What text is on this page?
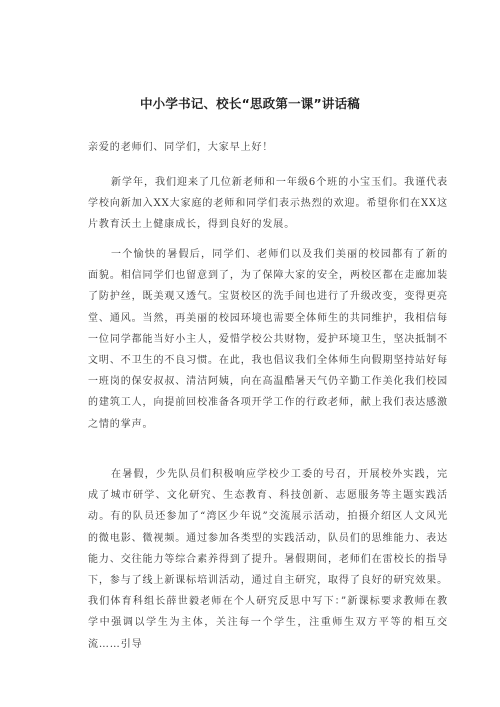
中小学书记、校长“思政第一课”讲话稿

亲爱的老师们、同学们，大家早上好！

新学年，我们迎来了几位新老师和一年级6个班的小宝玉们。我谨代表学校向新加入XX大家庭的老师和同学们表示热烈的欢迎。希望你们在XX这片教育沃土上健康成长，得到良好的发展。

一个愉快的暑假后，同学们、老师们以及我们美丽的校园都有了新的面貌。相信同学们也留意到了，为了保障大家的安全，两校区都在走廊加装了防护丝，既美观又透气。宝贤校区的洗手间也进行了升级改变，变得更亮堂、通风。当然，再美丽的校园环境也需要全体师生的共同维护，我相信每一位同学都能当好小主人，爱惜学校公共财物，爱护环境卫生，坚决抵制不文明、不卫生的不良习惯。在此，我也倡议我们全体师生向假期坚持站好每一班岗的保安叔叔、清洁阿姨，向在高温酷暑天气仍辛勤工作美化我们校园的建筑工人，向提前回校准备各项开学工作的行政老师，献上我们表达感激之情的掌声。

在暑假，少先队员们积极响应学校少工委的号召，开展校外实践，完成了城市研学、文化研究、生态教育、科技创新、志愿服务等主题实践活动。有的队员还参加了“湾区少年说”交流展示活动，拍摄介绍区人文风光的微电影、微视频。通过参加各类型的实践活动，队员们的思维能力、表达能力、交往能力等综合素养得到了提升。暑假期间，老师们在雷校长的指导下，参与了线上新课标培训活动，通过自主研究，取得了良好的研究效果。我们体育科组长薛世毅老师在个人研究反思中写下：”新课标要求教师在教学中强调以学生为主体，关注每一个学生，注重师生双方平等的相互交流……引导
